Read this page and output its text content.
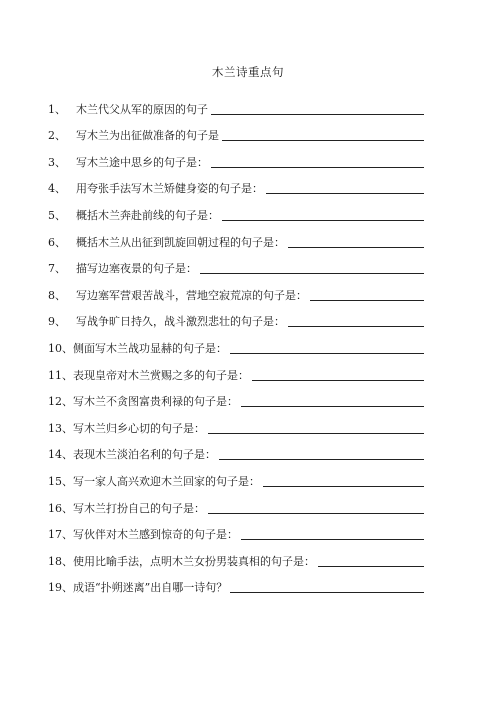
木兰诗重点句
1、 木兰代父从军的原因的句子
2、 写木兰为出征做准备的句子是
3、 写木兰途中思乡的句子是：
4、 用夸张手法写木兰矫健身姿的句子是：
5、 概括木兰奔赴前线的句子是：
6、 概括木兰从出征到凯旋回朝过程的句子是：
7、 描写边塞夜景的句子是：
8、 写边塞军营艰苦战斗，营地空寂荒凉的句子是：
9、 写战争旷日持久，战斗激烈悲壮的句子是：
10、 侧面写木兰战功显赫的句子是：
11、 表现皇帝对木兰赏赐之多的句子是：
12、 写木兰不贪图富贵利禄的句子是：
13、 写木兰归乡心切的句子是：
14、 表现木兰淡泊名利的句子是：
15、 写一家人高兴欢迎木兰回家的句子是：
16、 写木兰打扮自己的句子是：
17、 写伙伴对木兰感到惊奇的句子是：
18、 使用比喻手法，点明木兰女扮男装真相的句子是：
19、 成语“扑朔迷离”出自哪一诗句？
